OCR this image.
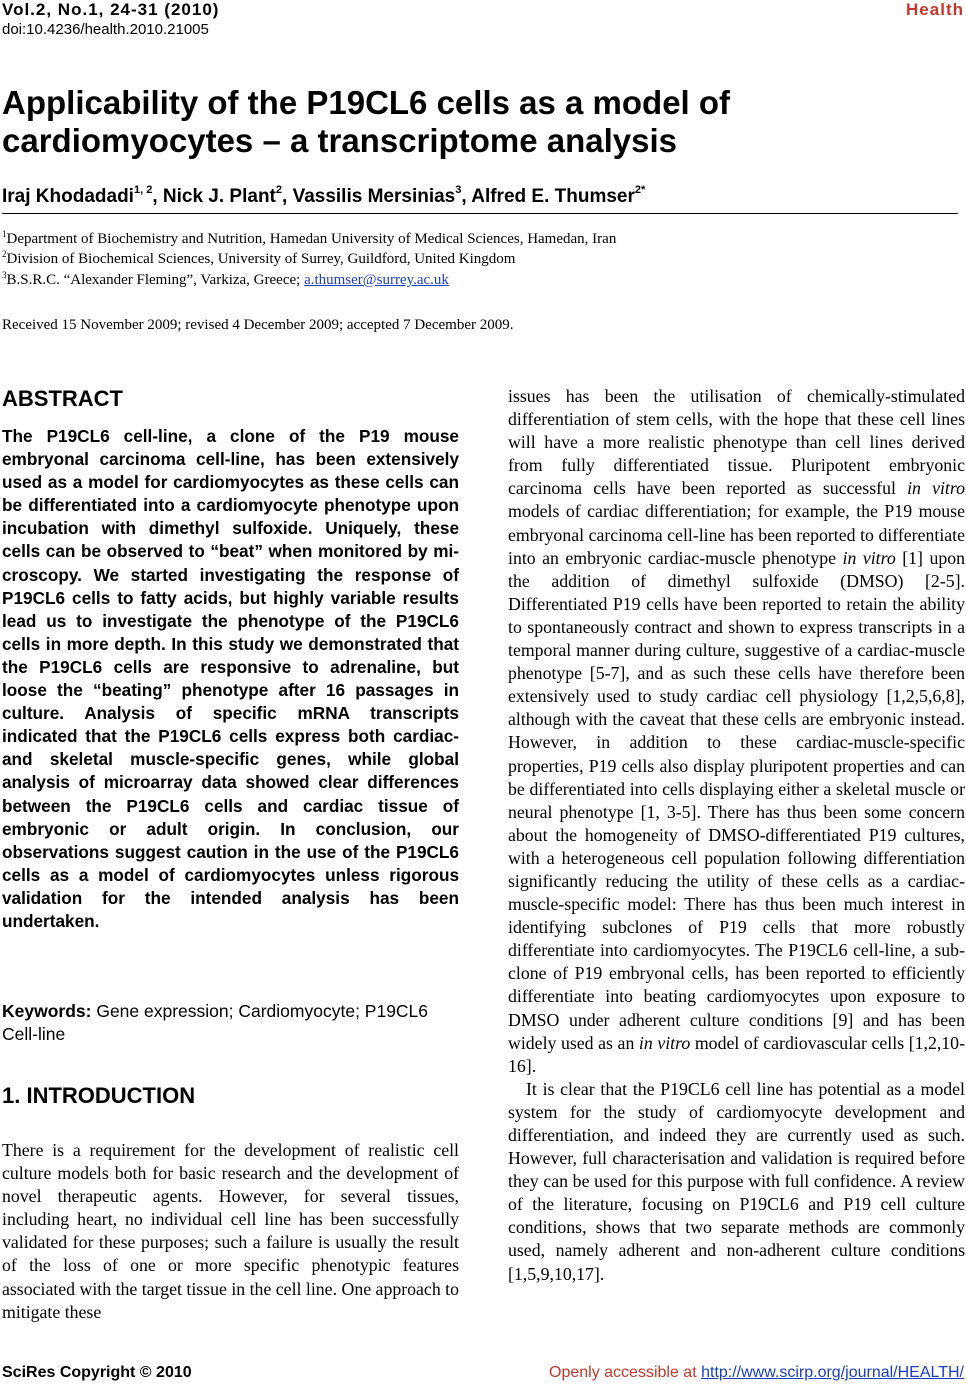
Vol.2, No.1, 24-31 (2010)	Health
doi:10.4236/health.2010.21005
Applicability of the P19CL6 cells as a model of cardiomyocytes – a transcriptome analysis
Iraj Khodadadi$^{1, 2}$, Nick J. Plant$^2$, Vassilis Mersinias$^3$, Alfred E. Thumser$^{2*}$
$^1$Department of Biochemistry and Nutrition, Hamedan University of Medical Sciences, Hamedan, Iran
$^2$Division of Biochemical Sciences, University of Surrey, Guildford, United Kingdom
$^3$B.S.R.C. “Alexander Fleming”, Varkiza, Greece; a.thumser@surrey.ac.uk
Received 15 November 2009; revised 4 December 2009; accepted 7 December 2009.
ABSTRACT

The P19CL6 cell-line, a clone of the P19 mouse embryonal carcinoma cell-line, has been extensively used as a model for cardiomyocytes as these cells can be differentiated into a cardiomyocyte phenotype upon incubation with dimethyl sulfoxide. Uniquely, these cells can be observed to “beat” when monitored by microscopy. We started investigating the response of P19CL6 cells to fatty acids, but highly variable results lead us to investigate the phenotype of the P19CL6 cells in more depth. In this study we demonstrated that the P19CL6 cells are responsive to adrenaline, but loose the “beating” phenotype after 16 passages in culture. Analysis of specific mRNA transcripts indicated that the P19CL6 cells express both cardiac- and skeletal muscle-specific genes, while global analysis of microarray data showed clear differences between the P19CL6 cells and cardiac tissue of embryonic or adult origin. In conclusion, our observations suggest caution in the use of the P19CL6 cells as a model of cardiomyocytes unless rigorous validation for the intended analysis has been undertaken.

Keywords: Gene expression; Cardiomyocyte; P19CL6 Cell-line

1. INTRODUCTION

There is a requirement for the development of realistic cell culture models both for basic research and the development of novel therapeutic agents. However, for several tissues, including heart, no individual cell line has been successfully validated for these purposes; such a failure is usually the result of the loss of one or more specific phenotypic features associated with the target tissue in the cell line. One approach to mitigate these

issues has been the utilisation of chemically-stimulated differentiation of stem cells, with the hope that these cell lines will have a more realistic phenotype than cell lines derived from fully differentiated tissue. Pluripotent embryonic carcinoma cells have been reported as successful in vitro models of cardiac differentiation; for example, the P19 mouse embryonal carcinoma cell-line has been reported to differentiate into an embryonic cardiac-muscle phenotype in vitro [1] upon the addition of dimethyl sulfoxide (DMSO) [2-5]. Differentiated P19 cells have been reported to retain the ability to spontaneously contract and shown to express transcripts in a temporal manner during culture, suggestive of a cardiac-muscle phenotype [5-7], and as such these cells have therefore been extensively used to study cardiac cell physiology [1,2,5,6,8], although with the caveat that these cells are embryonic instead. However, in addition to these cardiac-muscle-specific properties, P19 cells also display pluripotent properties and can be differentiated into cells displaying either a skeletal muscle or neural phenotype [1, 3-5]. There has thus been some concern about the homogeneity of DMSO-differentiated P19 cultures, with a heterogeneous cell population following differentiation significantly reducing the utility of these cells as a cardiac-muscle-specific model: There has thus been much interest in identifying subclones of P19 cells that more robustly differentiate into cardiomyocytes. The P19CL6 cell-line, a sub-clone of P19 embryonal cells, has been reported to efficiently differentiate into beating cardiomyocytes upon exposure to DMSO under adherent culture conditions [9] and has been widely used as an in vitro model of cardiovascular cells [1,2,10-16].

It is clear that the P19CL6 cell line has potential as a model system for the study of cardiomyocyte development and differentiation, and indeed they are currently used as such. However, full characterisation and validation is required before they can be used for this purpose with full confidence. A review of the literature, focusing on P19CL6 and P19 cell culture conditions, shows that two separate methods are commonly used, namely adherent and non-adherent culture conditions [1,5,9,10,17].

SciRes Copyright © 2010	Openly accessible at http://www.scirp.org/journal/HEALTH/
